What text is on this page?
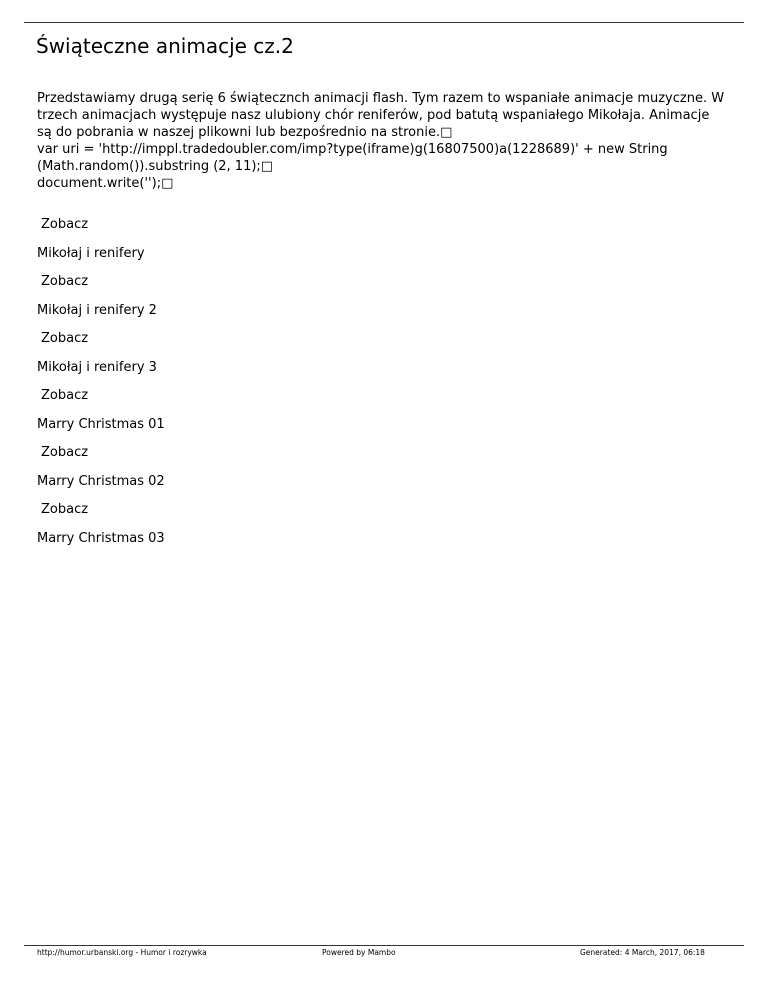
Świąteczne animacje cz.2
Przedstawiamy drugą serię 6 świątecznch animacji flash. Tym razem to wspaniałe animacje muzyczne. W
trzech animacjach występuje nasz ulubiony chór reniferów, pod batutą wspaniałego Mikołaja. Animacje
są do pobrania w naszej plikowni lub bezpośrednio na stronie.□
var uri = 'http://imppl.tradedoubler.com/imp?type(iframe)g(16807500)a(1228689)' + new String
(Math.random()).substring (2, 11);□
document.write('');□
Zobacz
Mikołaj i renifery
Zobacz
Mikołaj i renifery 2
Zobacz
Mikołaj i renifery 3
Zobacz
Marry Christmas 01
Zobacz
Marry Christmas 02
Zobacz
Marry Christmas 03
http://humor.urbanski.org - Humor i rozrywka	Powered by Mambo	Generated: 4 March, 2017, 06:18
